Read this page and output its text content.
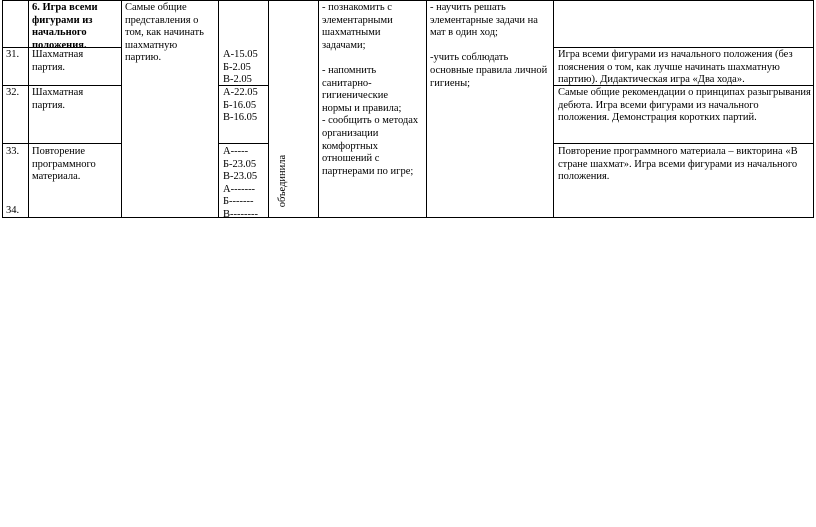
6. Игра всеми
фигурами из
начального
положения.
Самые общие
представления о
том, как начинать
шахматную
партию.
- познакомить с
элементарными
шахматными
задачами;

- напомнить
санитарно-
гигиенические
нормы и правила;
- сообщить о методах
организации
комфортных
отношений с
партнерами по игре;
- научить решать
элементарные задачи на
мат в один ход;

-учить соблюдать
основные правила личной
гигиены;
31. Шахматная
партия.
А-15.05
Б-2.05
В-2.05
Игра всеми фигурами из начального положения (без
пояснения о том, как лучше начинать шахматную
партию). Дидактическая игра «Два хода».
32. Шахматная
партия.
А-22.05
Б-16.05
В-16.05
Самые общие рекомендации о принципах разыгрывания
дебюта. Игра всеми фигурами из начального
положения. Демонстрация коротких партий.
33.
34.
Повторение
программного
материала.
А-----
Б-23.05
В-23.05
А-------
Б-------
В--------
объединила
Повторение программного материала – викторина «В
стране шахмат». Игра всеми фигурами из начального
положения.
